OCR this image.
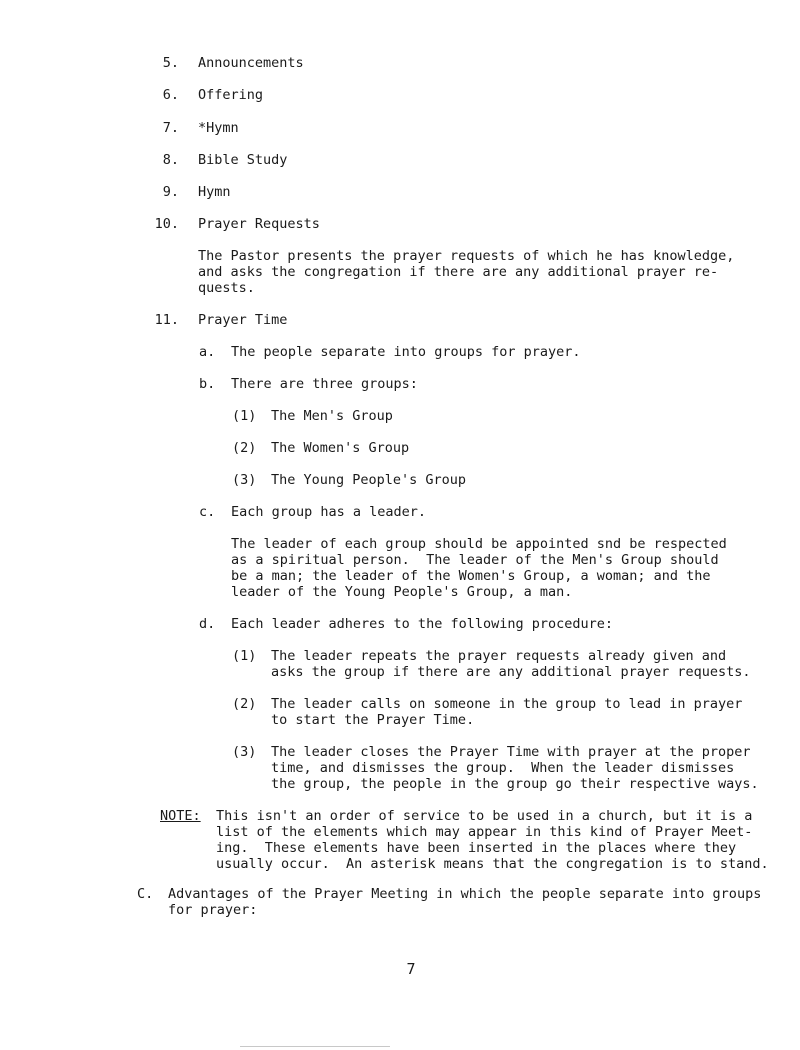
5. Announcements
6. Offering
7. *Hymn
8. Bible Study
9. Hymn
10. Prayer Requests
The Pastor presents the prayer requests of which he has knowledge,
and asks the congregation if there are any additional prayer re-
quests.
11. Prayer Time
a. The people separate into groups for prayer.
b. There are three groups:
(1) The Men's Group
(2) The Women's Group
(3) The Young People's Group
c. Each group has a leader.
The leader of each group should be appointed snd be respected
as a spiritual person.  The leader of the Men's Group should
be a man; the leader of the Women's Group, a woman; and the
leader of the Young People's Group, a man.
d. Each leader adheres to the following procedure:
(1) The leader repeats the prayer requests already given and
asks the group if there are any additional prayer requests.
(2) The leader calls on someone in the group to lead in prayer
to start the Prayer Time.
(3) The leader closes the Prayer Time with prayer at the proper
time, and dismisses the group.  When the leader dismisses
the group, the people in the group go their respective ways.
NOTE: This isn't an order of service to be used in a church, but it is a
list of the elements which may appear in this kind of Prayer Meet-
ing.  These elements have been inserted in the places where they
usually occur.  An asterisk means that the congregation is to stand.
C. Advantages of the Prayer Meeting in which the people separate into groups
for prayer:
7
